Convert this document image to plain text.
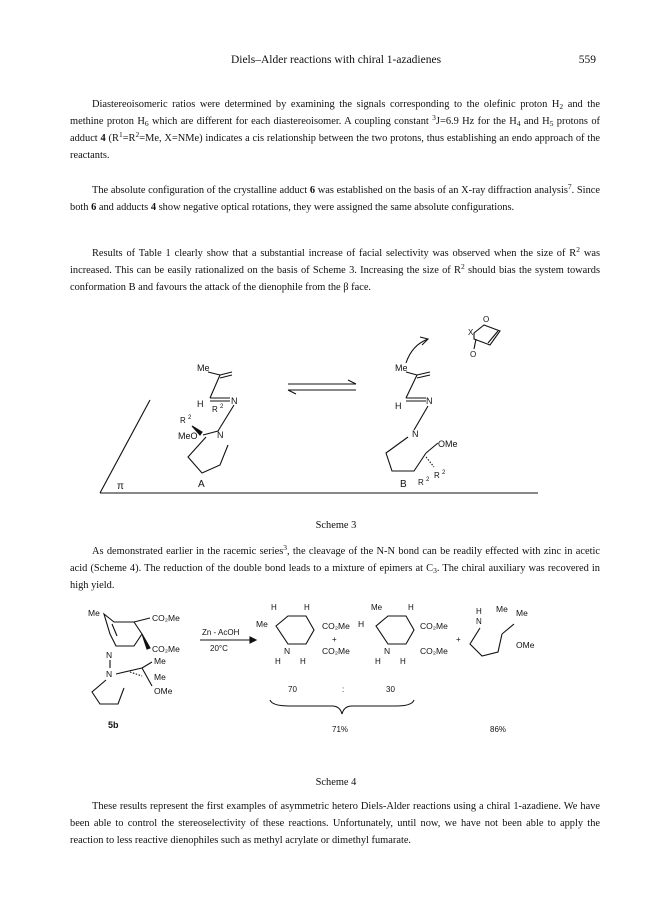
Diels–Alder reactions with chiral 1-azadienes	559

Diastereoisomeric ratios were determined by examining the signals corresponding to the olefinic proton $H_2$ and the methine proton $H_6$ which are different for each diastereoisomer. A coupling constant $^3$J=6.9 Hz for the $H_4$ and $H_5$ protons of adduct 4 ($R^1=R^2=Me$, X=NMe) indicates a cis relationship between the two protons, thus establishing an endo approach of the reactants.

The absolute configuration of the crystalline adduct 6 was established on the basis of an X-ray diffraction analysis$^7$. Since both 6 and adducts 4 show negative optical rotations, they were assigned the same absolute configurations.

Results of Table 1 clearly show that a substantial increase of facial selectivity was observed when the size of $R^2$ was increased. This can be easily rationalized on the basis of Scheme 3. Increasing the size of $R^2$ should bias the system towards conformation B and favours the attack of the dienophile from the β face.

π
Me
N
H
R 2
R 2
MeO N
A
Me
N
H
N
OMe
R 2 R 2
B
O
X
O
Scheme 3

As demonstrated earlier in the racemic series$^3$, the cleavage of the N-N bond can be readily effected with zinc in acetic acid (Scheme 4). The reduction of the double bond leads to a mixture of epimers at $C_3$. The chiral auxiliary was recovered in high yield.

Me	CO₂Me
CO₂Me
N
N
Me
Me
OMe
5b
Zn - AcOH
20°C
H	H
Me	CO₂Me
CO₂Me
N
H H
+
Me	H
H	CO₂Me
CO₂Me
N
H H
+
N
H Me Me
OMe
70	:	30
71%	86%
Scheme 4

These results represent the first examples of asymmetric hetero Diels-Alder reactions using a chiral 1-azadiene. We have been able to control the stereoselectivity of these reactions. Unfortunately, until now, we have not been able to apply the reaction to less reactive dienophiles such as methyl acrylate or dimethyl fumarate.
